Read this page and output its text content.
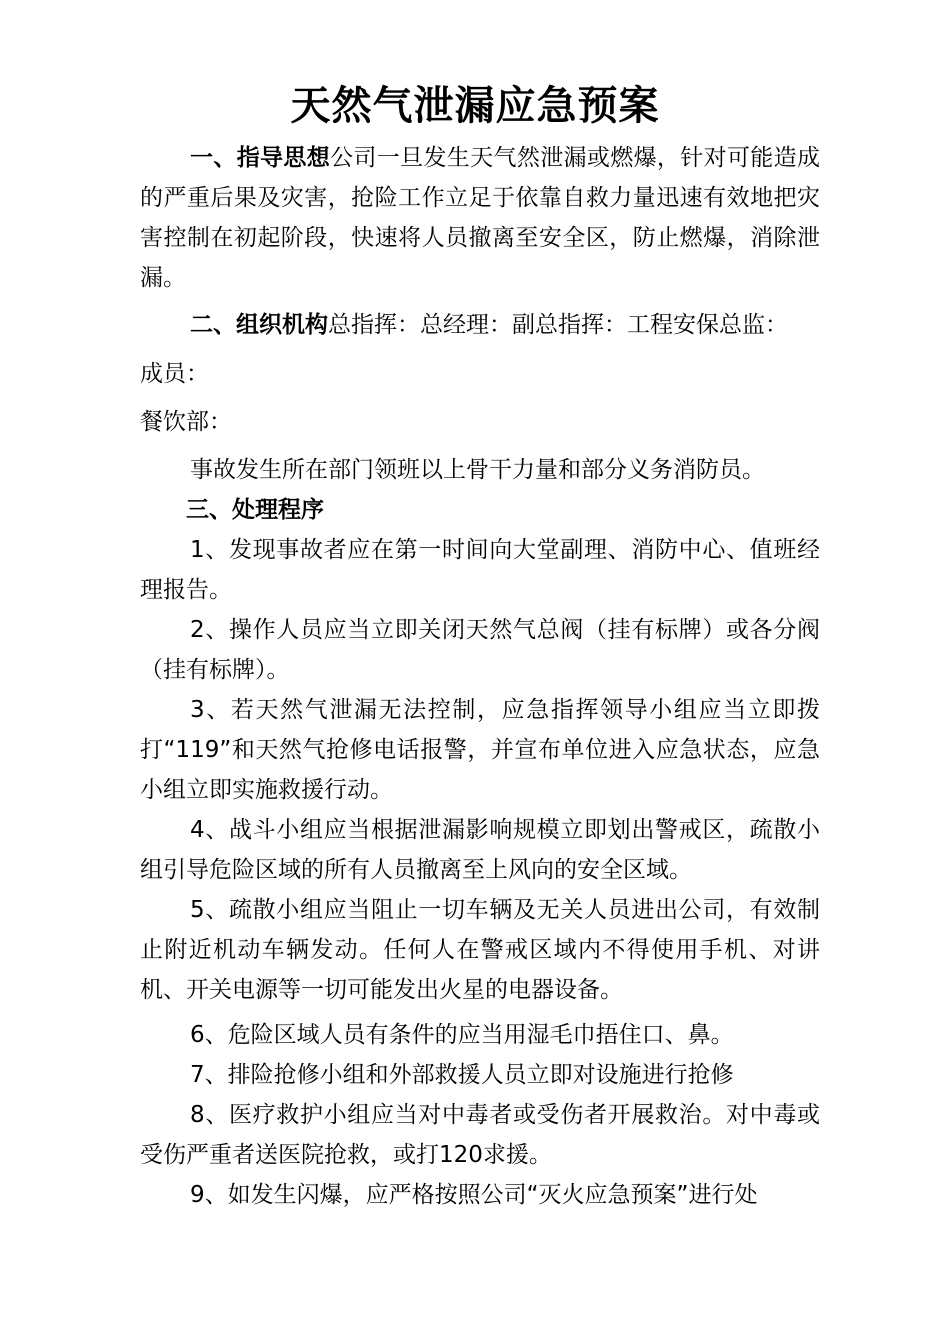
天然气泄漏应急预案
一、指导思想公司一旦发生天气然泄漏或燃爆，针对可能造成的严重后果及灾害，抢险工作立足于依靠自救力量迅速有效地把灾害控制在初起阶段，快速将人员撤离至安全区，防止燃爆，消除泄漏。
二、组织机构总指挥：总经理：副总指挥：工程安保总监：
成员：
餐饮部：
事故发生所在部门领班以上骨干力量和部分义务消防员。
三、处理程序
1、发现事故者应在第一时间向大堂副理、消防中心、值班经理报告。
2、操作人员应当立即关闭天然气总阀（挂有标牌）或各分阀（挂有标牌）。
3、若天然气泄漏无法控制，应急指挥领导小组应当立即拨打“119”和天然气抢修电话报警，并宣布单位进入应急状态，应急小组立即实施救援行动。
4、战斗小组应当根据泄漏影响规模立即划出警戒区，疏散小组引导危险区域的所有人员撤离至上风向的安全区域。
5、疏散小组应当阻止一切车辆及无关人员进出公司，有效制止附近机动车辆发动。任何人在警戒区域内不得使用手机、对讲机、开关电源等一切可能发出火星的电器设备。
6、危险区域人员有条件的应当用湿毛巾捂住口、鼻。
7、排险抢修小组和外部救援人员立即对设施进行抢修
8、医疗救护小组应当对中毒者或受伤者开展救治。对中毒或受伤严重者送医院抢救，或打120求援。
9、如发生闪爆，应严格按照公司“灭火应急预案”进行处
